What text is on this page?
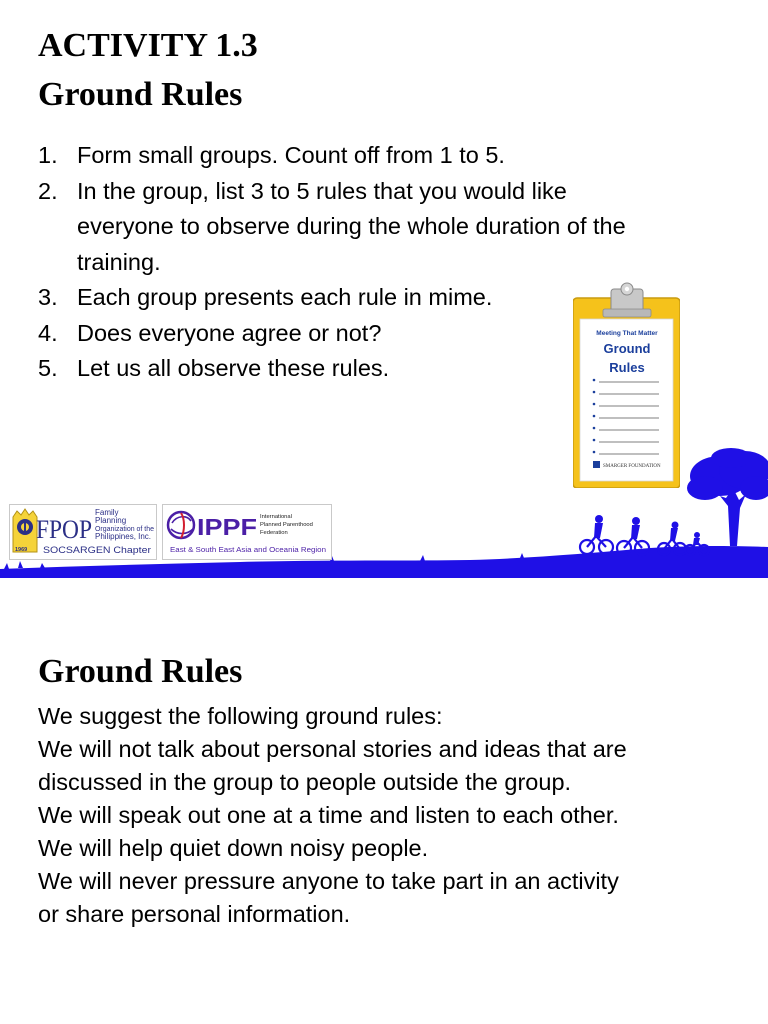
ACTIVITY 1.3
Ground Rules
1. Form small groups. Count off from 1 to 5.
2. In the group, list 3 to 5 rules that you would like
everyone to observe during the whole duration of the
training.
3. Each group presents each rule in mime.
4. Does everyone agree or not?
5. Let us all observe these rules.
Meeting That Matter
Ground
Rules
SMARGER FOUNDATION
1969
FPOP
Family
Planning
Organization of the
Philippines, Inc.
SOCSARGEN Chapter
IPPF International
Planned Parenthood
Federation
East & South East Asia and Oceania Region
Ground Rules
We suggest the following ground rules:
We will not talk about personal stories and ideas that are
discussed in the group to people outside the group.
We will speak out one at a time and listen to each other.
We will help quiet down noisy people.
We will never pressure anyone to take part in an activity
or share personal information.
